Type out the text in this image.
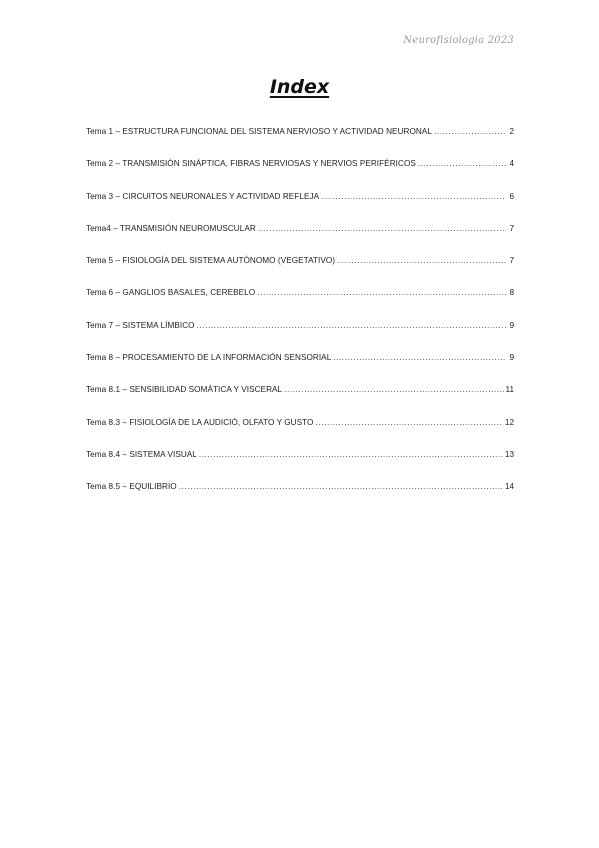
Neurofisiologia 2023
Index
Tema 1 – ESTRUCTURA FUNCIONAL DEL SISTEMA NERVIOSO Y ACTIVIDAD NEURONAL .....	2
Tema 2 – TRANSMISIÓN SINÁPTICA, FIBRAS NERVIOSAS Y NERVIOS PERIFÉRICOS .....	4
Tema 3 – CIRCUITOS NEURONALES Y ACTIVIDAD REFLEJA .....	6
Tema4 – TRANSMISIÓN NEUROMUSCULAR .....	7
Tema 5 – FISIOLOGÍA DEL SISTEMA AUTÓNOMO (VEGETATIVO) .....	7
Tema 6 – GANGLIOS BASALES, CEREBELO .....	8
Tema 7 – SISTEMA LÍMBICO .....	9
Tema 8 – PROCESAMIENTO DE LA INFORMACIÓN SENSORIAL .....	9
Tema 8.1 – SENSIBILIDAD SOMÁTICA Y VISCERAL .....	11
Tema 8.3 – FISIOLOGÍA DE LA AUDICIÓ, OLFATO Y GUSTO .....	12
Tema 8.4 – SISTEMA VISUAL .....	13
Tema 8.5 – EQUILIBRIO .....	14
